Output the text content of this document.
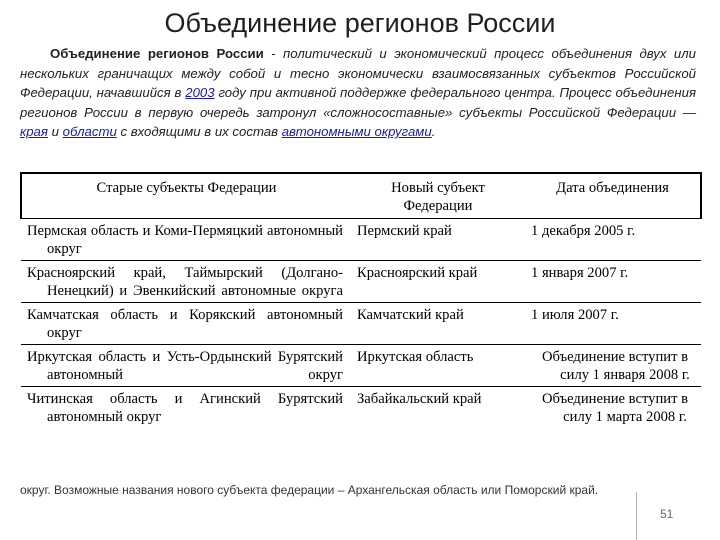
Объединение регионов России

Объединение регионов России - политический и экономический процесс объединения двух или нескольких граничащих между собой и тесно экономически взаимосвязанных субъектов Российской Федерации, начавшийся в 2003 году при активной поддержке федерального центра. Процесс объединения регионов России в первую очередь затронул «сложносоставные» субъекты Российской Федерации — края и области с входящими в их состав автономными округами.

Старые субъекты Федерации	Новый субъект Федерации	Дата объединения
Пермская область и Коми-Пермяцкий автономный округ	Пермский край	1 декабря 2005 г.
Красноярский край, Таймырский (Долгано-Ненецкий) и Эвенкийский автономные округа	Красноярский край	1 января 2007 г.
Камчатская область и Корякский автономный округ	Камчатский край	1 июля 2007 г.
Иркутская область и Усть-Ордынский Бурятский автономный округ	Иркутская область	Объединение вступит в силу 1 января 2008 г.
Читинская область и Агинский Бурятский автономный округ	Забайкальский край	Объединение вступит в силу 1 марта 2008 г.

округ. Возможные названия нового субъекта федерации – Архангельская область или Поморский край.

51
